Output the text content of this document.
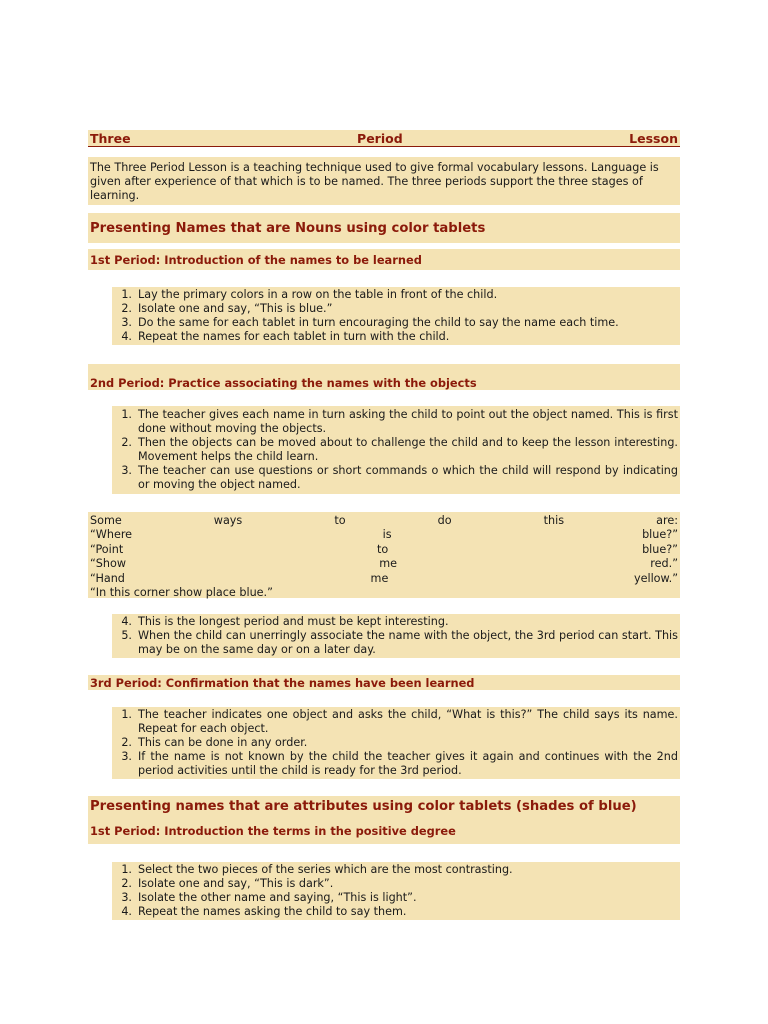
Three	Period	Lesson
The Three Period Lesson is a teaching technique used to give formal vocabulary lessons. Language is given after experience of that which is to be named. The three periods support the three stages of learning.
Presenting Names that are Nouns using color tablets
1st Period: Introduction of the names to be learned
1. Lay the primary colors in a row on the table in front of the child.
2. Isolate one and say, “This is blue.”
3. Do the same for each tablet in turn encouraging the child to say the name each time.
4. Repeat the names for each tablet in turn with the child.
2nd Period: Practice associating the names with the objects
1. The teacher gives each name in turn asking the child to point out the object named. This is first done without moving the objects.
2. Then the objects can be moved about to challenge the child and to keep the lesson interesting. Movement helps the child learn.
3. The teacher can use questions or short commands o which the child will respond by indicating or moving the object named.
Some	ways	to	do	this	are:
“Where	is	blue?”
“Point	to	blue?”
“Show	me	red.”
“Hand	me	yellow.”
“In this corner show place blue.”
4. This is the longest period and must be kept interesting.
5. When the child can unerringly associate the name with the object, the 3rd period can start. This may be on the same day or on a later day.
3rd Period: Confirmation that the names have been learned
1. The teacher indicates one object and asks the child, “What is this?” The child says its name. Repeat for each object.
2. This can be done in any order.
3. If the name is not known by the child the teacher gives it again and continues with the 2nd period activities until the child is ready for the 3rd period.
Presenting names that are attributes using color tablets (shades of blue)
1st Period: Introduction the terms in the positive degree
1. Select the two pieces of the series which are the most contrasting.
2. Isolate one and say, “This is dark”.
3. Isolate the other name and saying, “This is light”.
4. Repeat the names asking the child to say them.
